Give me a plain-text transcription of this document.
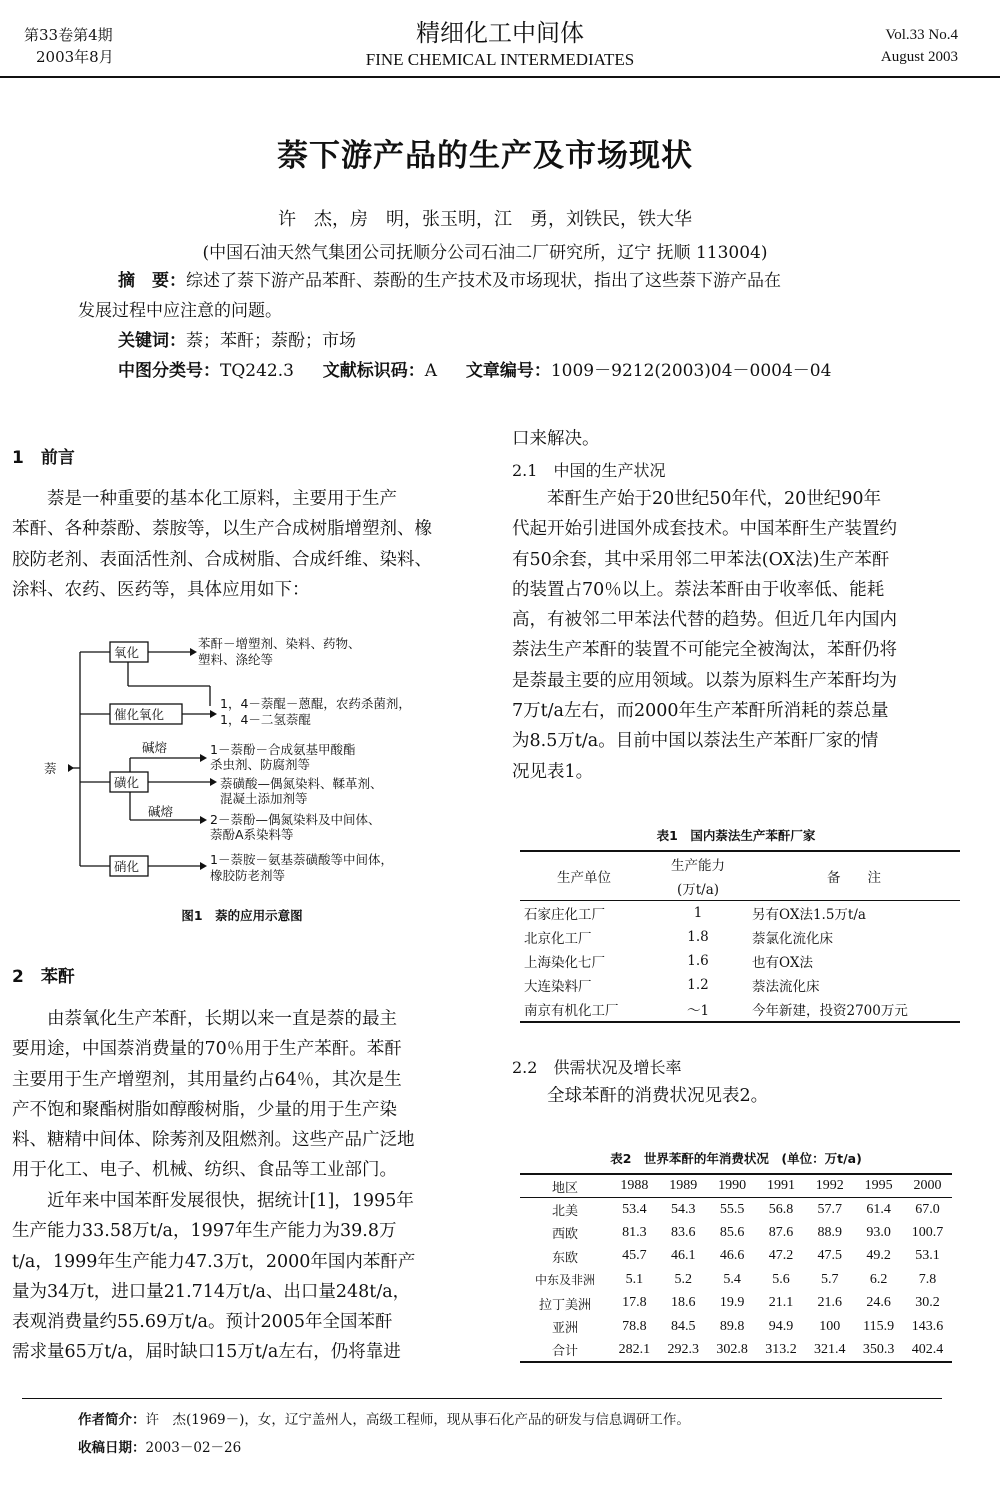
第33卷第4期
2003年8月
精细化工中间体
FINE CHEMICAL INTERMEDIATES
Vol.33 No.4
August 2003
萘下游产品的生产及市场现状
许　杰，房　明，张玉明，江　勇，刘铁民，铁大华
(中国石油天然气集团公司抚顺分公司石油二厂研究所，辽宁 抚顺 113004)
摘　要：综述了萘下游产品苯酐、萘酚的生产技术及市场现状，指出了这些萘下游产品在
发展过程中应注意的问题。
关键词：萘；苯酐；萘酚；市场
中图分类号：TQ242.3 文献标识码：A 文章编号：1009－9212(2003)04－0004－04
1　前言
　　萘是一种重要的基本化工原料，主要用于生产
苯酐、各种萘酚、萘胺等，以生产合成树脂增塑剂、橡
胶防老剂、表面活性剂、合成树脂、合成纤维、染料、
涂料、农药、医药等，具体应用如下：
萘
氧化
苯酐－增塑剂、染料、药物、
塑料、涤纶等
催化氧化
1，4－萘醌－蒽醌，农药杀菌剂，
1，4－二氢萘醌
碱熔	1－萘酚－合成氨基甲酸酯
杀虫剂、防腐剂等
磺化	萘磺酸—偶氮染料、鞣革剂、
混凝土添加剂等
碱熔
2－萘酚—偶氮染料及中间体、
萘酚A系染料等
硝化	1－萘胺－氨基萘磺酸等中间体，
橡胶防老剂等
图1　萘的应用示意图
2　苯酐
　　由萘氧化生产苯酐，长期以来一直是萘的最主
要用途，中国萘消费量的70％用于生产苯酐。苯酐
主要用于生产增塑剂，其用量约占64％，其次是生
产不饱和聚酯树脂如醇酸树脂，少量的用于生产染
料、糖精中间体、除莠剂及阻燃剂。这些产品广泛地
用于化工、电子、机械、纺织、食品等工业部门。
　　近年来中国苯酐发展很快，据统计[1]，1995年
生产能力33.58万t/a，1997年生产能力为39.8万
t/a，1999年生产能力47.3万t，2000年国内苯酐产
量为34万t，进口量21.714万t/a、出口量248t/a，
表观消费量约55.69万t/a。预计2005年全国苯酐
需求量65万t/a，届时缺口15万t/a左右，仍将靠进
口来解决。
2.1　中国的生产状况
　　苯酐生产始于20世纪50年代，20世纪90年
代起开始引进国外成套技术。中国苯酐生产装置约
有50余套，其中采用邻二甲苯法(OX法)生产苯酐
的装置占70％以上。萘法苯酐由于收率低、能耗
高，有被邻二甲苯法代替的趋势。但近几年内国内
萘法生产苯酐的装置不可能完全被淘汰，苯酐仍将
是萘最主要的应用领域。以萘为原料生产苯酐均为
7万t/a左右，而2000年生产苯酐所消耗的萘总量
为8.5万t/a。目前中国以萘法生产苯酐厂家的情
况见表1。
表1　国内萘法生产苯酐厂家
生产单位	生产能力	备　　注
	(万t/a)	
石家庄化工厂	1	另有OX法1.5万t/a
北京化工厂	1.8	萘氯化流化床
上海染化七厂	1.6	也有OX法
大连染料厂	1.2	萘法流化床
南京有机化工厂	～1	今年新建，投资2700万元
2.2　供需状况及增长率
　　全球苯酐的消费状况见表2。
表2　世界苯酐的年消费状况　(单位：万t/a)
地区	1988	1989	1990	1991	1992	1995	2000
北美	53.4	54.3	55.5	56.8	57.7	61.4	67.0
西欧	81.3	83.6	85.6	87.6	88.9	93.0	100.7
东欧	45.7	46.1	46.6	47.2	47.5	49.2	53.1
中东及非洲	5.1	5.2	5.4	5.6	5.7	6.2	7.8
拉丁美洲	17.8	18.6	19.9	21.1	21.6	24.6	30.2
亚洲	78.8	84.5	89.8	94.9	100	115.9	143.6
合计	282.1	292.3	302.8	313.2	321.4	350.3	402.4
作者简介：许　杰(1969－)，女，辽宁盖州人，高级工程师，现从事石化产品的研发与信息调研工作。
收稿日期：2003－02－26
